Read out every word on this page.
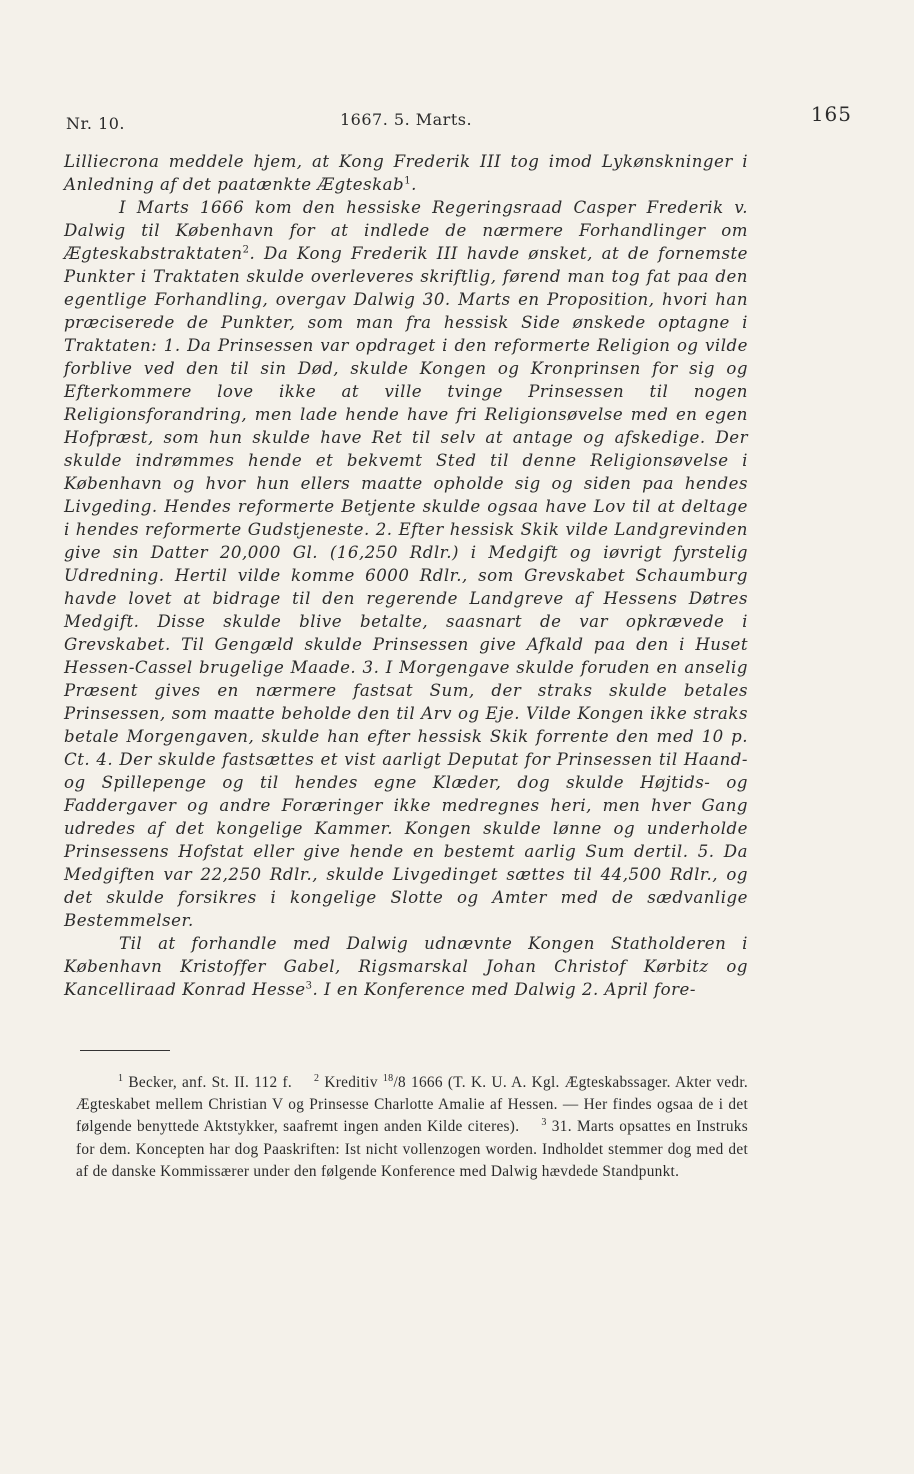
Nr. 10.	1667. 5. Marts.	165

Lilliecrona meddele hjem, at Kong Frederik III tog imod Lykønskninger i Anledning af det paatænkte Ægteskab$^1$.

I Marts 1666 kom den hessiske Regeringsraad Casper Frederik v. Dalwig til København for at indlede de nærmere Forhandlinger om Ægteskabstraktaten$^2$. Da Kong Frederik III havde ønsket, at de fornemste Punkter i Traktaten skulde overleveres skriftlig, førend man tog fat paa den egentlige Forhandling, overgav Dalwig 30. Marts en Proposition, hvori han præciserede de Punkter, som man fra hessisk Side ønskede optagne i Traktaten: 1. Da Prinsessen var opdraget i den reformerte Religion og vilde forblive ved den til sin Død, skulde Kongen og Kronprinsen for sig og Efterkommere love ikke at ville tvinge Prinsessen til nogen Religionsforandring, men lade hende have fri Religionsøvelse med en egen Hofpræst, som hun skulde have Ret til selv at antage og afskedige. Der skulde indrømmes hende et bekvemt Sted til denne Religionsøvelse i København og hvor hun ellers maatte opholde sig og siden paa hendes Livgeding. Hendes reformerte Betjente skulde ogsaa have Lov til at deltage i hendes reformerte Gudstjeneste. 2. Efter hessisk Skik vilde Landgrevinden give sin Datter 20,000 Gl. (16,250 Rdlr.) i Medgift og iøvrigt fyrstelig Udredning. Hertil vilde komme 6000 Rdlr., som Grevskabet Schaumburg havde lovet at bidrage til den regerende Landgreve af Hessens Døtres Medgift. Disse skulde blive betalte, saasnart de var opkrævede i Grevskabet. Til Gengæld skulde Prinsessen give Afkald paa den i Huset Hessen-Cassel brugelige Maade. 3. I Morgengave skulde foruden en anselig Præsent gives en nærmere fastsat Sum, der straks skulde betales Prinsessen, som maatte beholde den til Arv og Eje. Vilde Kongen ikke straks betale Morgengaven, skulde han efter hessisk Skik forrente den med 10 p. Ct. 4. Der skulde fastsættes et vist aarligt Deputat for Prinsessen til Haand- og Spillepenge og til hendes egne Klæder, dog skulde Højtids- og Faddergaver og andre Foræringer ikke medregnes heri, men hver Gang udredes af det kongelige Kammer. Kongen skulde lønne og underholde Prinsessens Hofstat eller give hende en bestemt aarlig Sum dertil. 5. Da Medgiften var 22,250 Rdlr., skulde Livgedinget sættes til 44,500 Rdlr., og det skulde forsikres i kongelige Slotte og Amter med de sædvanlige Bestemmelser.

Til at forhandle med Dalwig udnævnte Kongen Statholderen i København Kristoffer Gabel, Rigsmarskal Johan Christof Kørbitz og Kancelliraad Konrad Hesse$^3$. I en Konference med Dalwig 2. April fore-

$^1$ Becker, anf. St. II. 112 f. $^2$ Kreditiv $^{18}$/8 1666 (T. K. U. A. Kgl. Ægteskabssager. Akter vedr. Ægteskabet mellem Christian V og Prinsesse Charlotte Amalie af Hessen. — Her findes ogsaa de i det følgende benyttede Aktstykker, saafremt ingen anden Kilde citeres). $^3$ 31. Marts opsattes en Instruks for dem. Koncepten har dog Paaskriften: Ist nicht vollenzogen worden. Indholdet stemmer dog med det af de danske Kommissærer under den følgende Konference med Dalwig hævdede Standpunkt.
